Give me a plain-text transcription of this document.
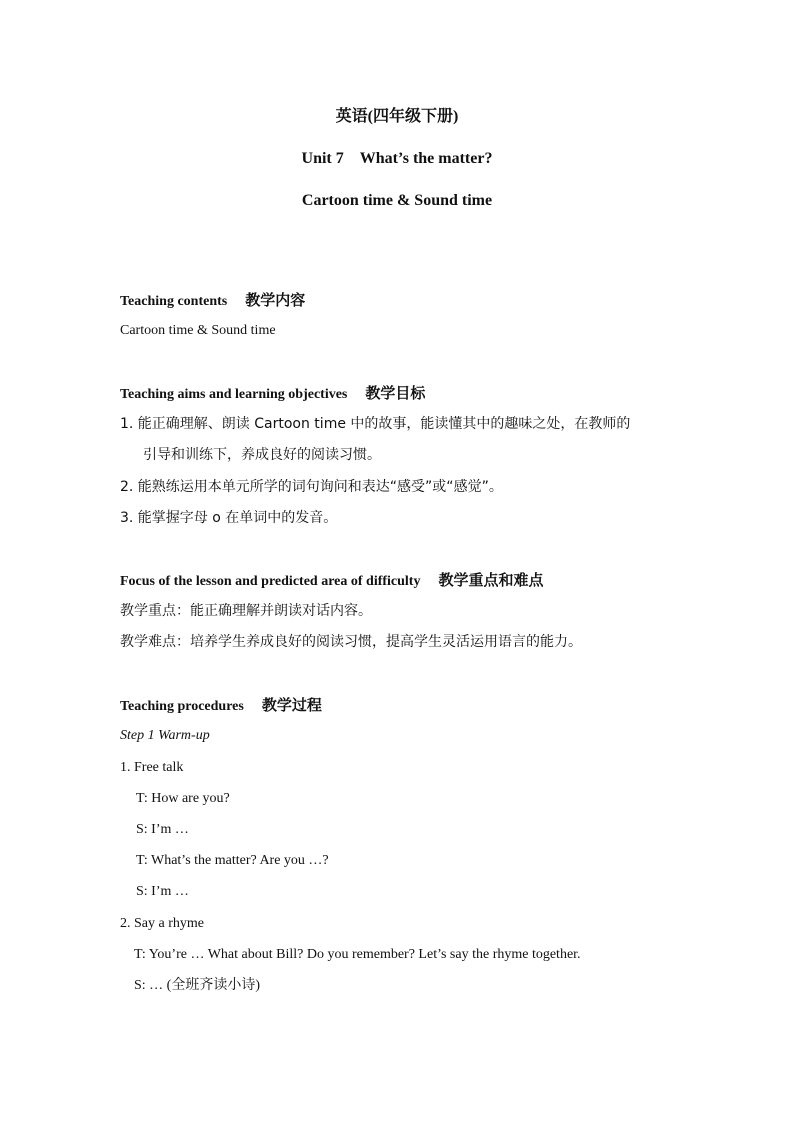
英语(四年级下册)
Unit 7    What’s the matter?
Cartoon time & Sound time
Teaching contents 教学内容
Cartoon time & Sound time
Teaching aims and learning objectives 教学目标
1. 能正确理解、朗读 Cartoon time 中的故事，能读懂其中的趣味之处，在教师的
引导和训练下，养成良好的阅读习惯。
2. 能熟练运用本单元所学的词句询问和表达“感受”或“感觉”。
3. 能掌握字母 o 在单词中的发音。
Focus of the lesson and predicted area of difficulty 教学重点和难点
教学重点：能正确理解并朗读对话内容。
教学难点：培养学生养成良好的阅读习惯，提高学生灵活运用语言的能力。
Teaching procedures 教学过程
Step 1 Warm-up
1. Free talk
T: How are you?
S: I’m …
T: What’s the matter? Are you …?
S: I’m …
2. Say a rhyme
T: You’re … What about Bill? Do you remember? Let’s say the rhyme together.
S: … (全班齐读小诗)
